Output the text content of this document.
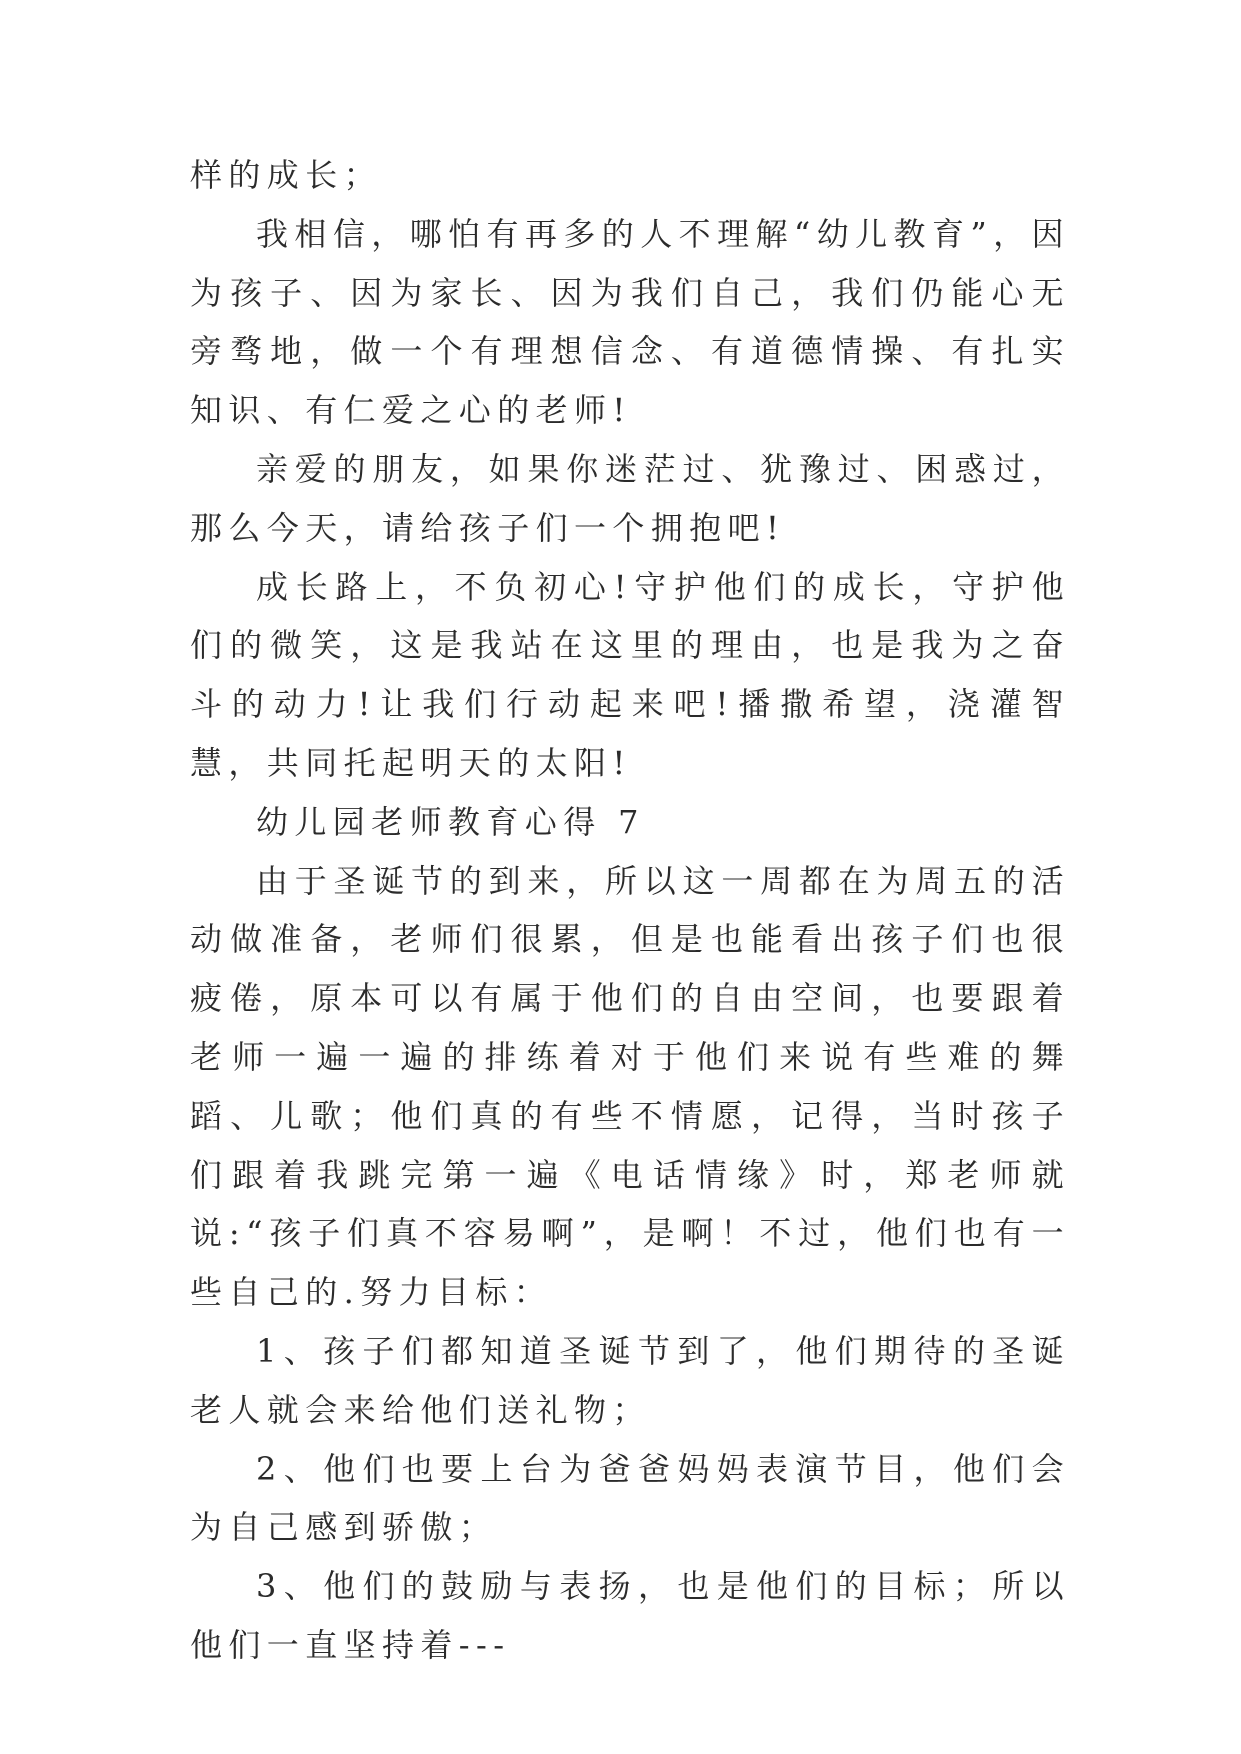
样的成长；

我相信，哪怕有再多的人不理解“幼儿教育”，因为孩子、因为家长、因为我们自己，我们仍能心无旁骛地，做一个有理想信念、有道德情操、有扎实知识、有仁爱之心的老师!

亲爱的朋友，如果你迷茫过、犹豫过、困惑过，那么今天，请给孩子们一个拥抱吧!

成长路上，不负初心!守护他们的成长，守护他们的微笑，这是我站在这里的理由，也是我为之奋斗的动力!让我们行动起来吧!播撒希望，浇灌智慧，共同托起明天的太阳!

幼儿园老师教育心得 7

由于圣诞节的到来，所以这一周都在为周五的活动做准备，老师们很累，但是也能看出孩子们也很疲倦，原本可以有属于他们的自由空间，也要跟着老师一遍一遍的排练着对于他们来说有些难的舞蹈、儿歌；他们真的有些不情愿，记得，当时孩子们跟着我跳完第一遍《电话情缘》时，郑老师就说:“孩子们真不容易啊”，是啊！不过，他们也有一些自己的.努力目标：

1、孩子们都知道圣诞节到了，他们期待的圣诞老人就会来给他们送礼物；

2、他们也要上台为爸爸妈妈表演节目，他们会为自己感到骄傲；

3、他们的鼓励与表扬，也是他们的目标；所以他们一直坚持着---
